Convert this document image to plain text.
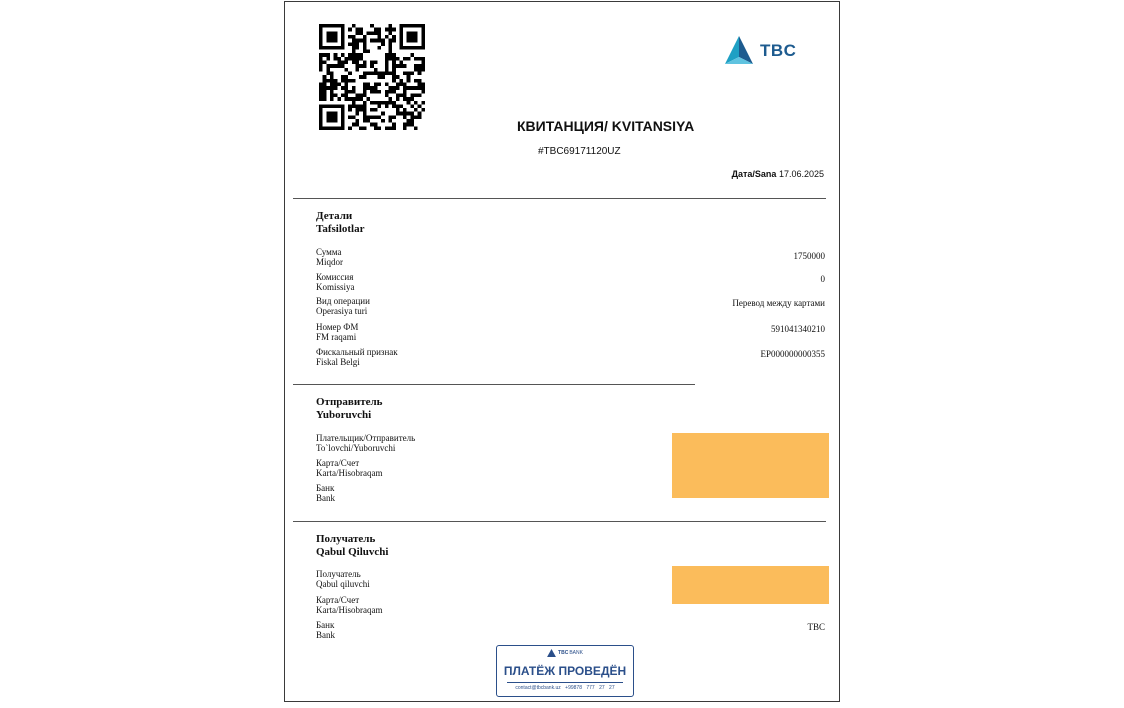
TBC
КВИТАНЦИЯ/ KVITANSIYA
#TBC69171120UZ
Дата/Sana 17.06.2025
Детали
Tafsilotlar
Сумма
Miqdor
1750000
Комиссия
Komissiya
0
Вид операции
Operasiya turi
Перевод между картами
Номер ФМ
FM raqami
591041340210
Фискальный признак
Fiskal Belgi
EP000000000355
Отправитель
Yuboruvchi
Плательщик/Отправитель
To`lovchi/Yuboruvchi
Карта/Счет
Karta/Hisobraqam
Банк
Bank
Получатель
Qabul Qiluvchi
Получатель
Qabul qiluvchi
Карта/Счет
Karta/Hisobraqam
Банк
Bank
TBC
TBC BANK
ПЛАТЁЖ ПРОВЕДЁН
contact@tbcbank.uz +99878 777 27 27
